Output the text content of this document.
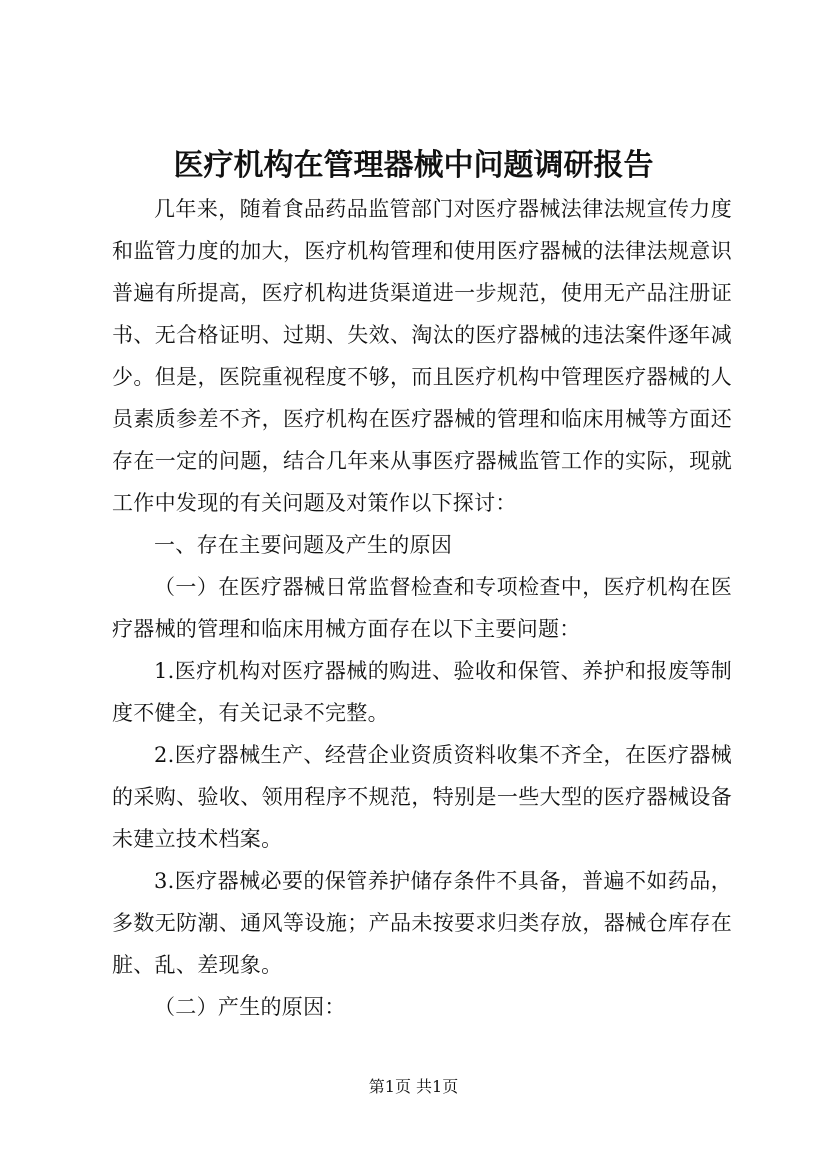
医疗机构在管理器械中问题调研报告

几年来，随着食品药品监管部门对医疗器械法律法规宣传力度和监管力度的加大，医疗机构管理和使用医疗器械的法律法规意识普遍有所提高，医疗机构进货渠道进一步规范，使用无产品注册证书、无合格证明、过期、失效、淘汰的医疗器械的违法案件逐年减少。但是，医院重视程度不够，而且医疗机构中管理医疗器械的人员素质参差不齐，医疗机构在医疗器械的管理和临床用械等方面还存在一定的问题，结合几年来从事医疗器械监管工作的实际，现就工作中发现的有关问题及对策作以下探讨：

一、存在主要问题及产生的原因

（一）在医疗器械日常监督检查和专项检查中，医疗机构在医疗器械的管理和临床用械方面存在以下主要问题：

1.医疗机构对医疗器械的购进、验收和保管、养护和报废等制度不健全，有关记录不完整。

2.医疗器械生产、经营企业资质资料收集不齐全，在医疗器械的采购、验收、领用程序不规范，特别是一些大型的医疗器械设备未建立技术档案。

3.医疗器械必要的保管养护储存条件不具备，普遍不如药品，多数无防潮、通风等设施；产品未按要求归类存放，器械仓库存在脏、乱、差现象。

（二）产生的原因：

第1页 共1页
